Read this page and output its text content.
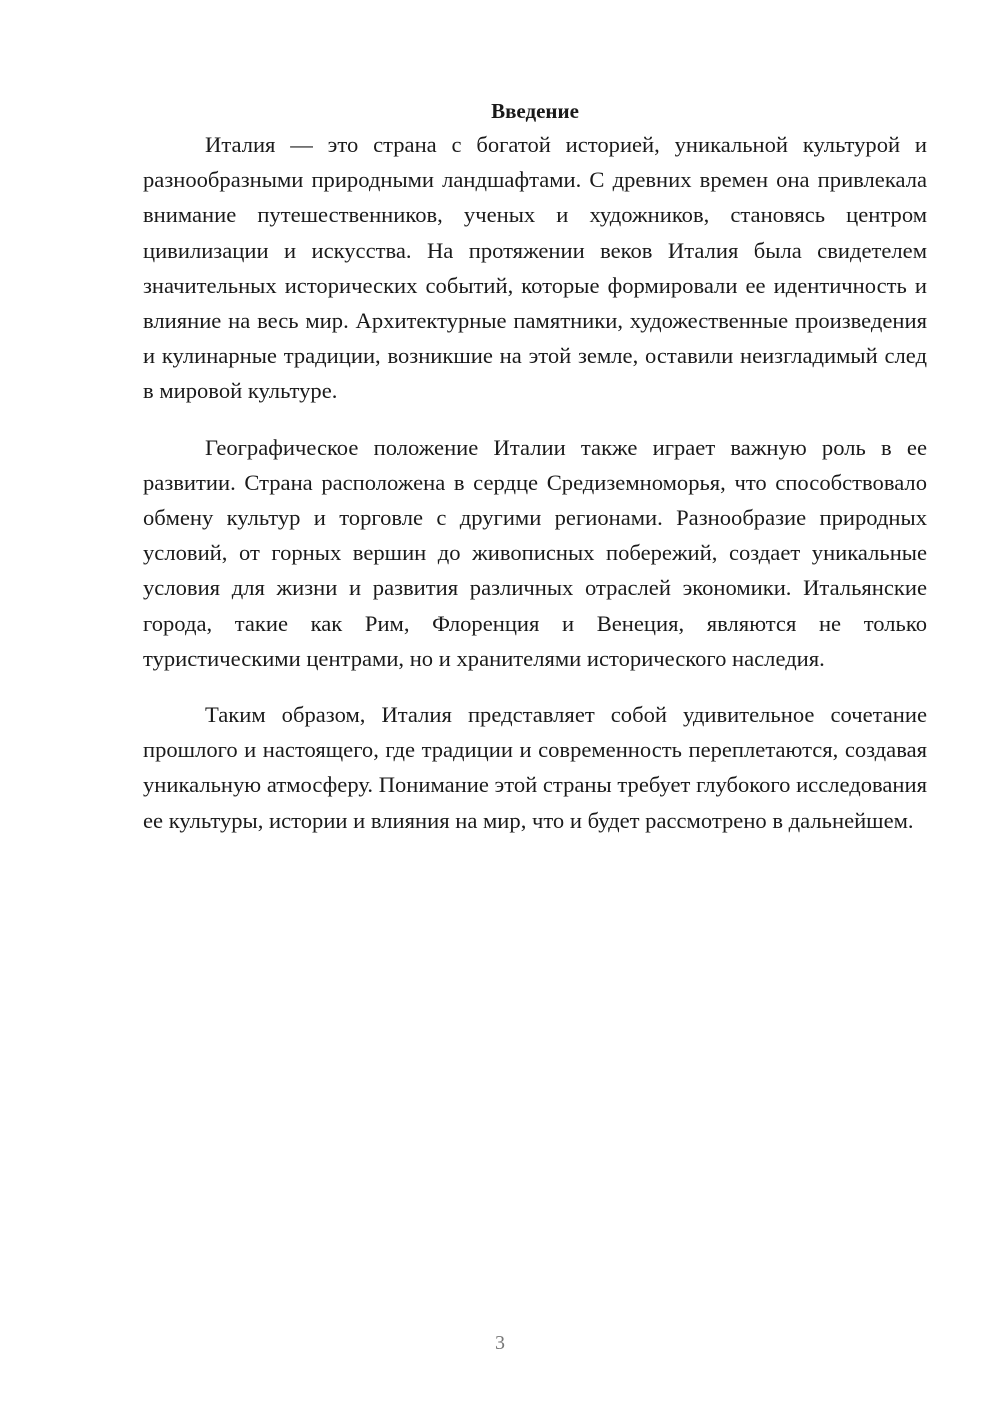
Введение

Италия — это страна с богатой историей, уникальной культурой и разнообразными природными ландшафтами. С древних времен она привлекала внимание путешественников, ученых и художников, становясь центром цивилизации и искусства. На протяжении веков Италия была свидетелем значительных исторических событий, которые формировали ее идентичность и влияние на весь мир. Архитектурные памятники, художественные произведения и кулинарные традиции, возникшие на этой земле, оставили неизгладимый след в мировой культуре.

Географическое положение Италии также играет важную роль в ее развитии. Страна расположена в сердце Средиземноморья, что способствовало обмену культур и торговле с другими регионами. Разнообразие природных условий, от горных вершин до живописных побережий, создает уникальные условия для жизни и развития различных отраслей экономики. Итальянские города, такие как Рим, Флоренция и Венеция, являются не только туристическими центрами, но и хранителями исторического наследия.

Таким образом, Италия представляет собой удивительное сочетание прошлого и настоящего, где традиции и современность переплетаются, создавая уникальную атмосферу. Понимание этой страны требует глубокого исследования ее культуры, истории и влияния на мир, что и будет рассмотрено в дальнейшем.

3
